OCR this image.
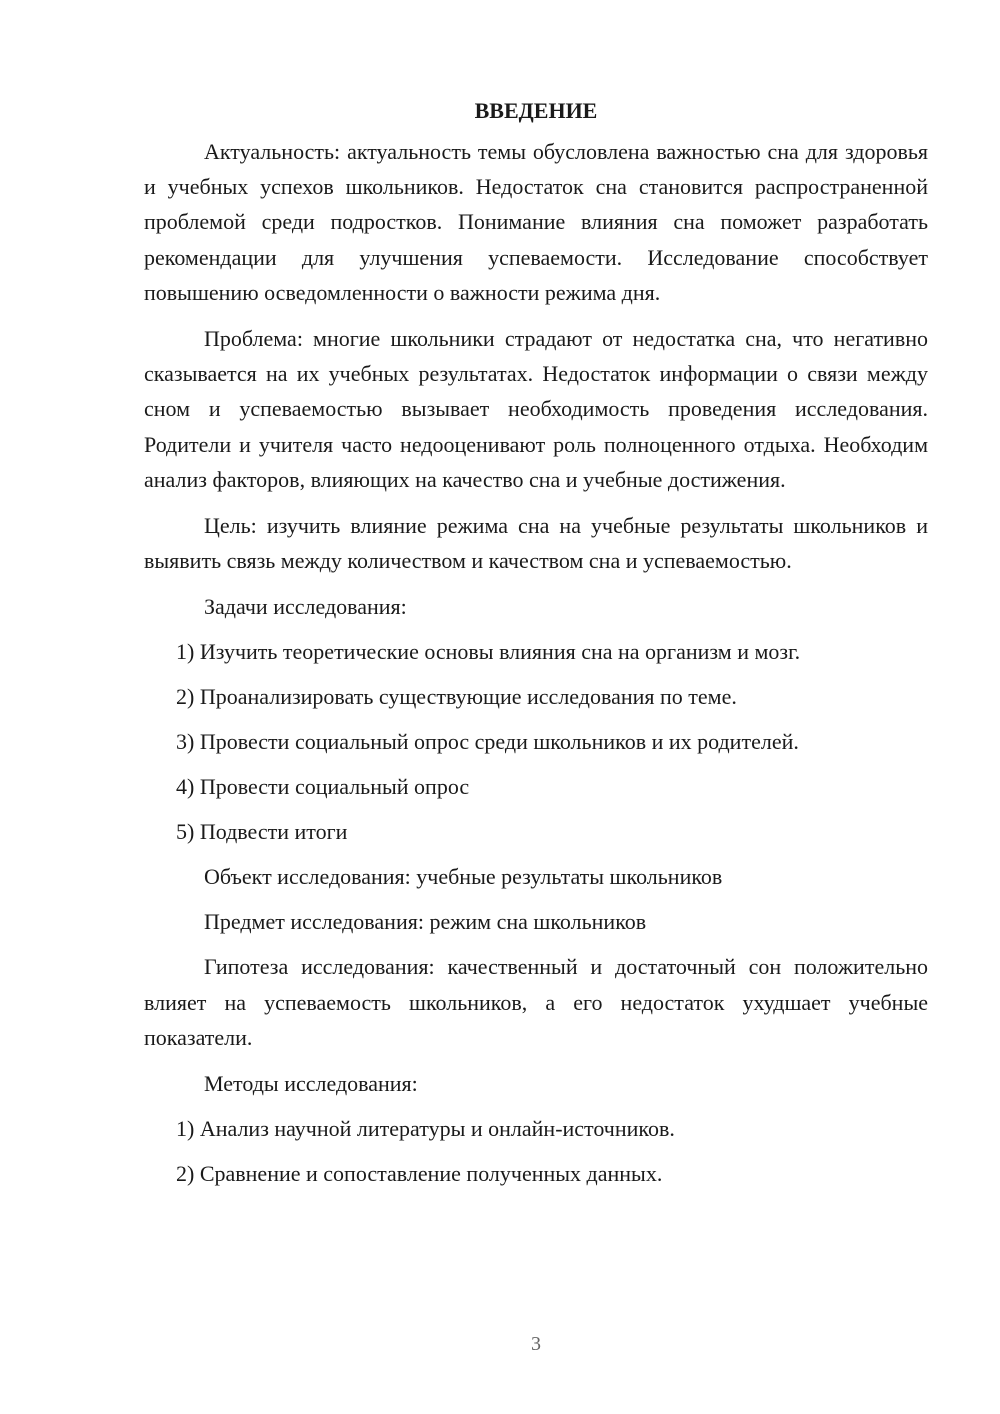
ВВЕДЕНИЕ

Актуальность: актуальность темы обусловлена важностью сна для здоровья и учебных успехов школьников. Недостаток сна становится распространенной проблемой среди подростков. Понимание влияния сна поможет разработать рекомендации для улучшения успеваемости. Исследование способствует повышению осведомленности о важности режима дня.

Проблема: многие школьники страдают от недостатка сна, что негативно сказывается на их учебных результатах. Недостаток информации о связи между сном и успеваемостью вызывает необходимость проведения исследования. Родители и учителя часто недооценивают роль полноценного отдыха. Необходим анализ факторов, влияющих на качество сна и учебные достижения.

Цель: изучить влияние режима сна на учебные результаты школьников и выявить связь между количеством и качеством сна и успеваемостью.

Задачи исследования:

1) Изучить теоретические основы влияния сна на организм и мозг.

2) Проанализировать существующие исследования по теме.

3) Провести социальный опрос среди школьников и их родителей.

4) Провести социальный опрос

5) Подвести итоги

Объект исследования: учебные результаты школьников

Предмет исследования: режим сна школьников

Гипотеза исследования: качественный и достаточный сон положительно влияет на успеваемость школьников, а его недостаток ухудшает учебные показатели.

Методы исследования:

1) Анализ научной литературы и онлайн-источников.

2) Сравнение и сопоставление полученных данных.

3
